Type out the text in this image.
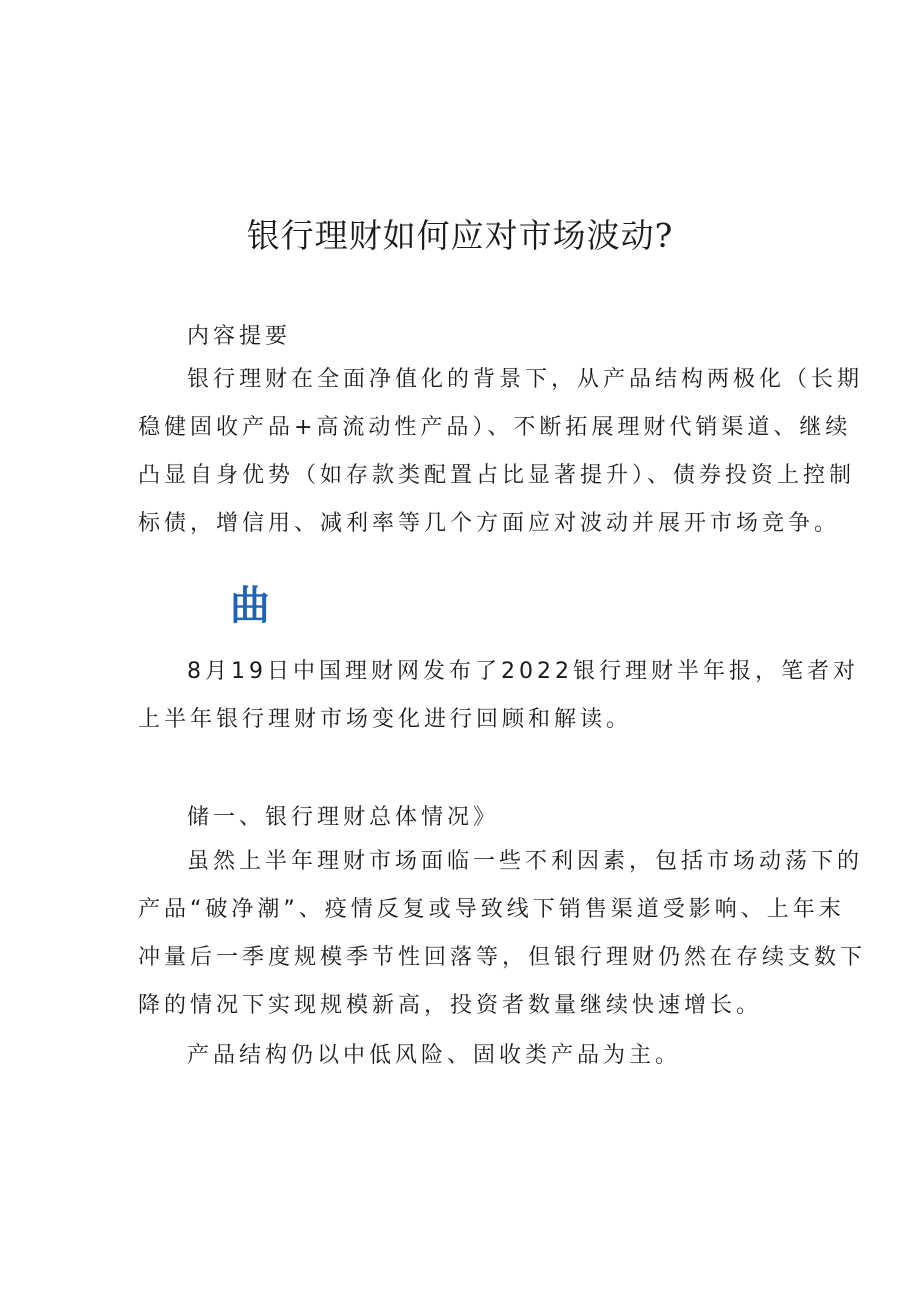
银行理财如何应对市场波动?
内容提要
银行理财在全面净值化的背景下，从产品结构两极化（长期
稳健固收产品+高流动性产品）、不断拓展理财代销渠道、继续
凸显自身优势（如存款类配置占比显著提升）、债券投资上控制
标债，增信用、减利率等几个方面应对波动并展开市场竞争。
曲
8月19日中国理财网发布了2022银行理财半年报，笔者对
上半年银行理财市场变化进行回顾和解读。
储一、银行理财总体情况》
虽然上半年理财市场面临一些不利因素，包括市场动荡下的
产品“破净潮”、疫情反复或导致线下销售渠道受影响、上年末
冲量后一季度规模季节性回落等，但银行理财仍然在存续支数下
降的情况下实现规模新高，投资者数量继续快速增长。
产品结构仍以中低风险、固收类产品为主。
